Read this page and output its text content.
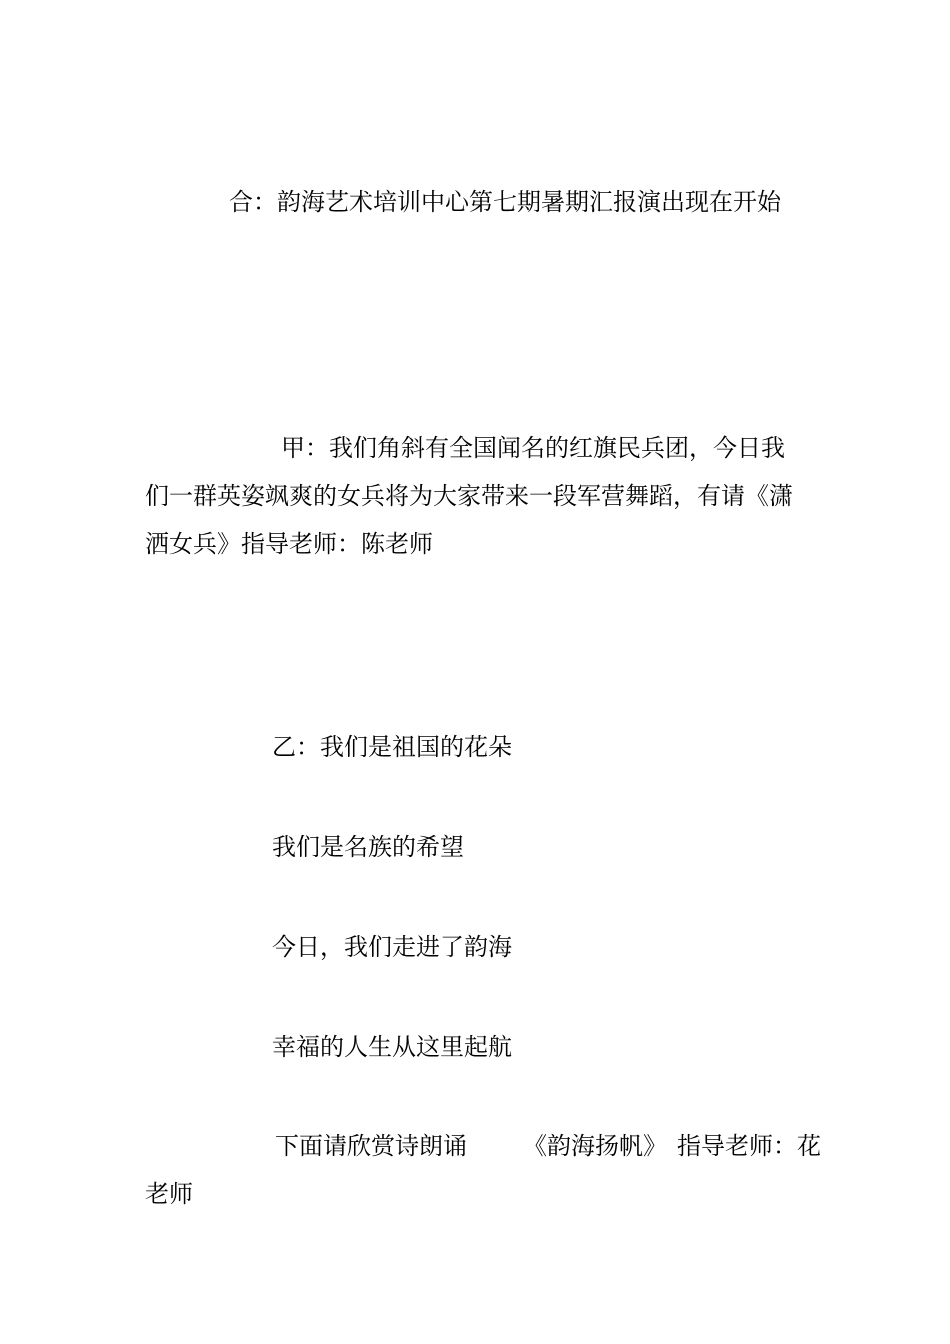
合：韵海艺术培训中心第七期暑期汇报演出现在开始

甲：我们角斜有全国闻名的红旗民兵团，今日我们一群英姿飒爽的女兵将为大家带来一段军营舞蹈，有请《潇洒女兵》指导老师：陈老师

乙：我们是祖国的花朵

我们是名族的希望

今日，我们走进了韵海

幸福的人生从这里起航

下面请欣赏诗朗诵 《韵海扬帆》 指导老师：花老师
